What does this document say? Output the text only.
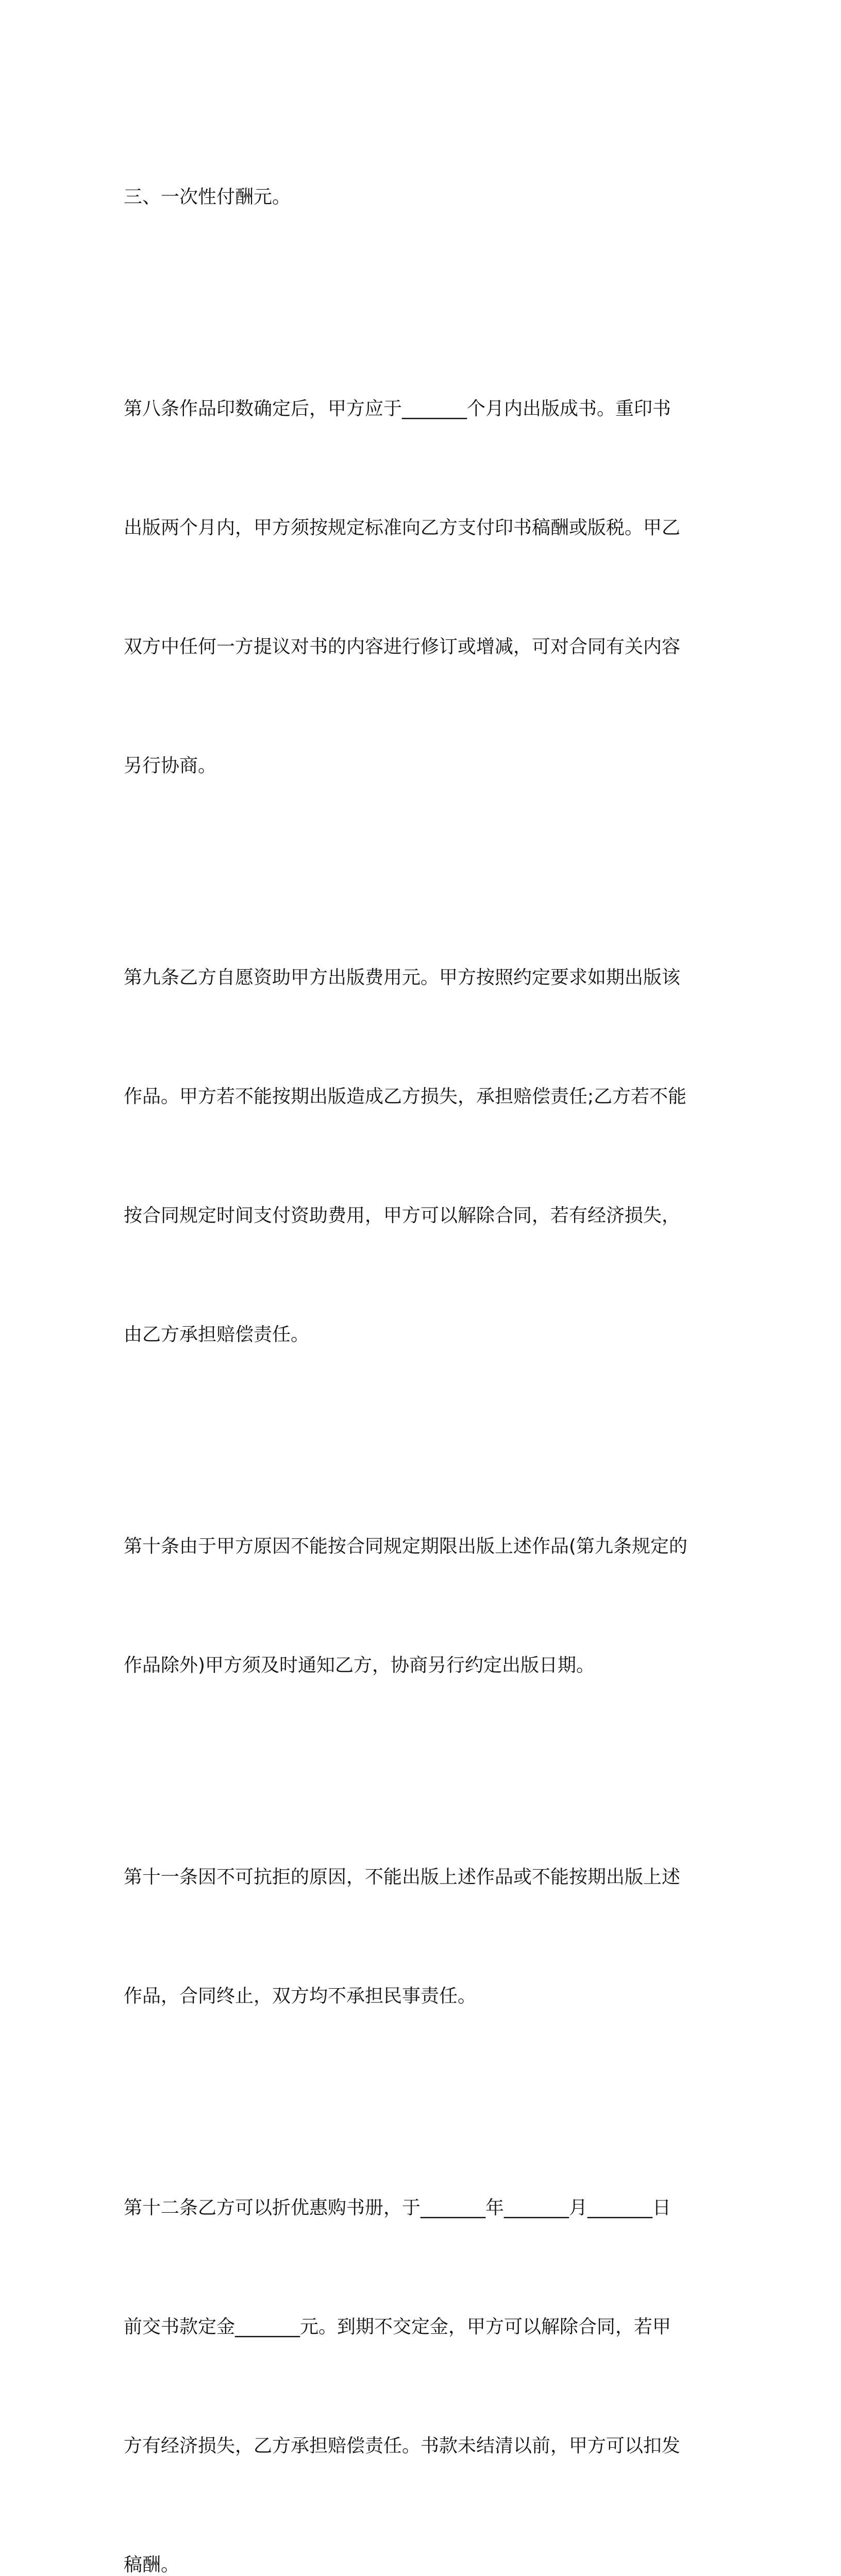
三、一次性付酬元。

第八条作品印数确定后，甲方应于_______个月内出版成书。重印书

出版两个月内，甲方须按规定标准向乙方支付印书稿酬或版税。甲乙

双方中任何一方提议对书的内容进行修订或增减，可对合同有关内容

另行协商。

第九条乙方自愿资助甲方出版费用元。甲方按照约定要求如期出版该

作品。甲方若不能按期出版造成乙方损失，承担赔偿责任;乙方若不能

按合同规定时间支付资助费用，甲方可以解除合同，若有经济损失，

由乙方承担赔偿责任。

第十条由于甲方原因不能按合同规定期限出版上述作品(第九条规定的

作品除外)甲方须及时通知乙方，协商另行约定出版日期。

第十一条因不可抗拒的原因，不能出版上述作品或不能按期出版上述

作品，合同终止，双方均不承担民事责任。

第十二条乙方可以折优惠购书册，于_______年_______月_______日

前交书款定金_______元。到期不交定金，甲方可以解除合同，若甲

方有经济损失，乙方承担赔偿责任。书款未结清以前，甲方可以扣发

稿酬。
